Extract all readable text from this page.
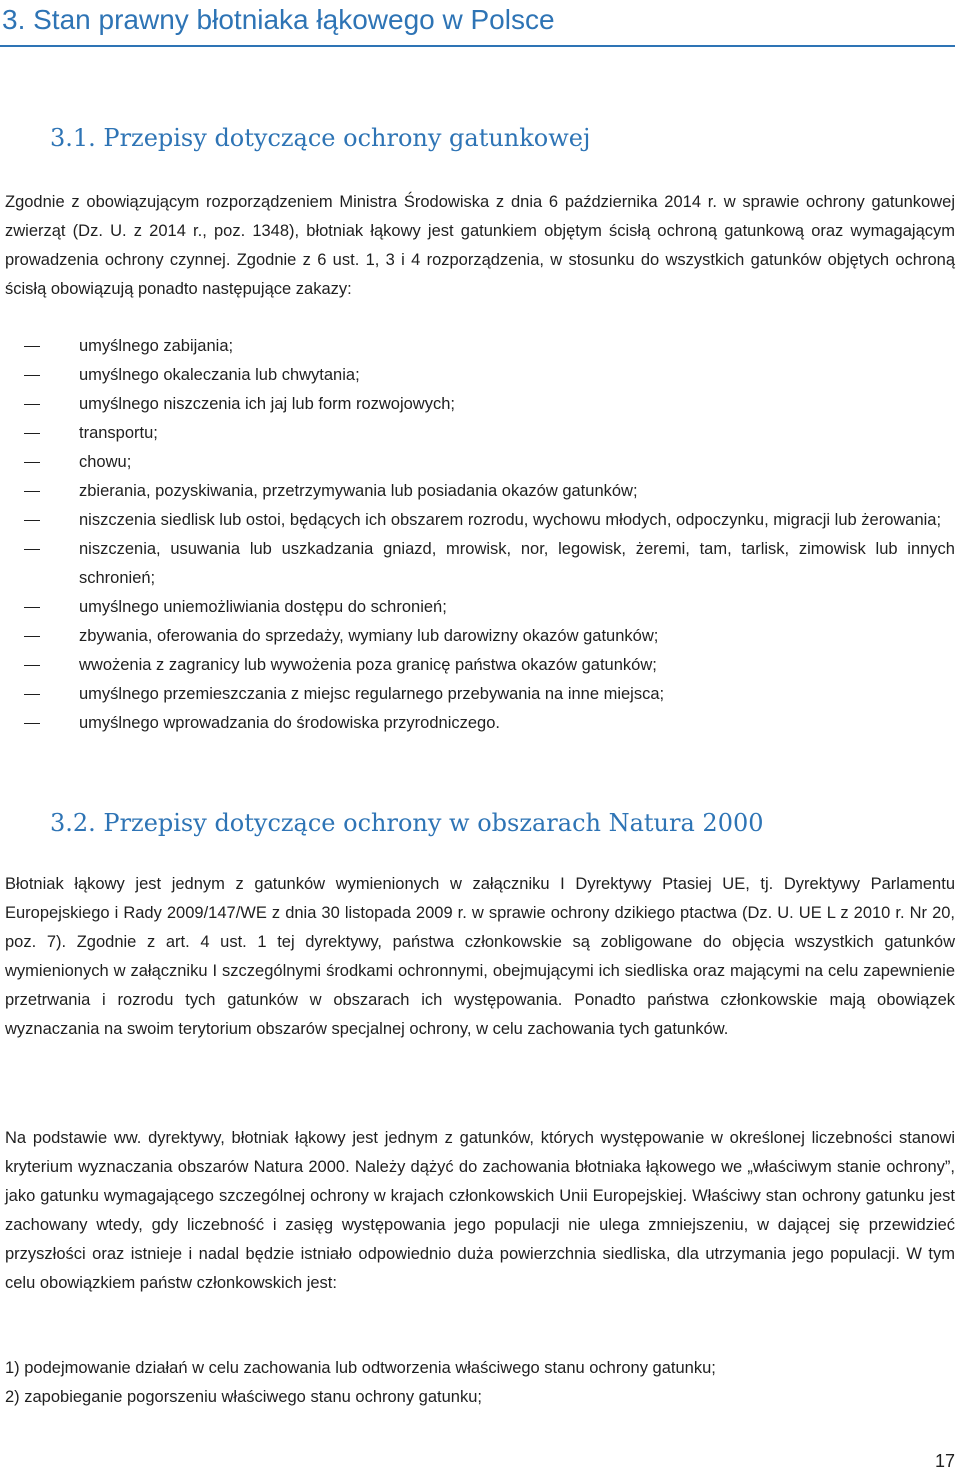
3. Stan prawny błotniaka łąkowego w Polsce
3.1. Przepisy dotyczące ochrony gatunkowej

Zgodnie z obowiązującym rozporządzeniem Ministra Środowiska z dnia 6 października 2014 r. w sprawie ochrony gatunkowej zwierząt (Dz. U. z 2014 r., poz. 1348), błotniak łąkowy jest gatunkiem objętym ścisłą ochroną gatunkową oraz wymagającym prowadzenia ochrony czynnej. Zgodnie z 6 ust. 1, 3 i 4 rozporządzenia, w stosunku do wszystkich gatunków objętych ochroną ścisłą obowiązują ponadto następujące zakazy:

umyślnego zabijania;
umyślnego okaleczania lub chwytania;
umyślnego niszczenia ich jaj lub form rozwojowych;
transportu;
chowu;
zbierania, pozyskiwania, przetrzymywania lub posiadania okazów gatunków;
niszczenia siedlisk lub ostoi, będących ich obszarem rozrodu, wychowu młodych, odpoczynku, migracji lub żerowania;
niszczenia, usuwania lub uszkadzania gniazd, mrowisk, nor, legowisk, żeremi, tam, tarlisk, zimowisk lub innych schronień;
umyślnego uniemożliwiania dostępu do schronień;
zbywania, oferowania do sprzedaży, wymiany lub darowizny okazów gatunków;
wwożenia z zagranicy lub wywożenia poza granicę państwa okazów gatunków;
umyślnego przemieszczania z miejsc regularnego przebywania na inne miejsca;
umyślnego wprowadzania do środowiska przyrodniczego.
3.2. Przepisy dotyczące ochrony w obszarach Natura 2000

Błotniak łąkowy jest jednym z gatunków wymienionych w załączniku I Dyrektywy Ptasiej UE, tj. Dyrektywy Parlamentu Europejskiego i Rady 2009/147/WE z dnia 30 listopada 2009 r. w sprawie ochrony dzikiego ptactwa (Dz. U. UE L z 2010 r. Nr 20, poz. 7). Zgodnie z art. 4 ust. 1 tej dyrektywy, państwa członkowskie są zobligowane do objęcia wszystkich gatunków wymienionych w załączniku I szczególnymi środkami ochronnymi, obejmującymi ich siedliska oraz mającymi na celu zapewnienie przetrwania i rozrodu tych gatunków w obszarach ich występowania. Ponadto państwa członkowskie mają obowiązek wyznaczania na swoim terytorium obszarów specjalnej ochrony, w celu zachowania tych gatunków.

Na podstawie ww. dyrektywy, błotniak łąkowy jest jednym z gatunków, których występowanie w określonej liczebności stanowi kryterium wyznaczania obszarów Natura 2000. Należy dążyć do zachowania błotniaka łąkowego we „właściwym stanie ochrony”, jako gatunku wymagającego szczególnej ochrony w krajach członkowskich Unii Europejskiej. Właściwy stan ochrony gatunku jest zachowany wtedy, gdy liczebność i zasięg występowania jego populacji nie ulega zmniejszeniu, w dającej się przewidzieć przyszłości oraz istnieje i nadal będzie istniało odpowiednio duża powierzchnia siedliska, dla utrzymania jego populacji. W tym celu obowiązkiem państw członkowskich jest:

1) podejmowanie działań w celu zachowania lub odtworzenia właściwego stanu ochrony gatunku;
2) zapobieganie pogorszeniu właściwego stanu ochrony gatunku;
17
